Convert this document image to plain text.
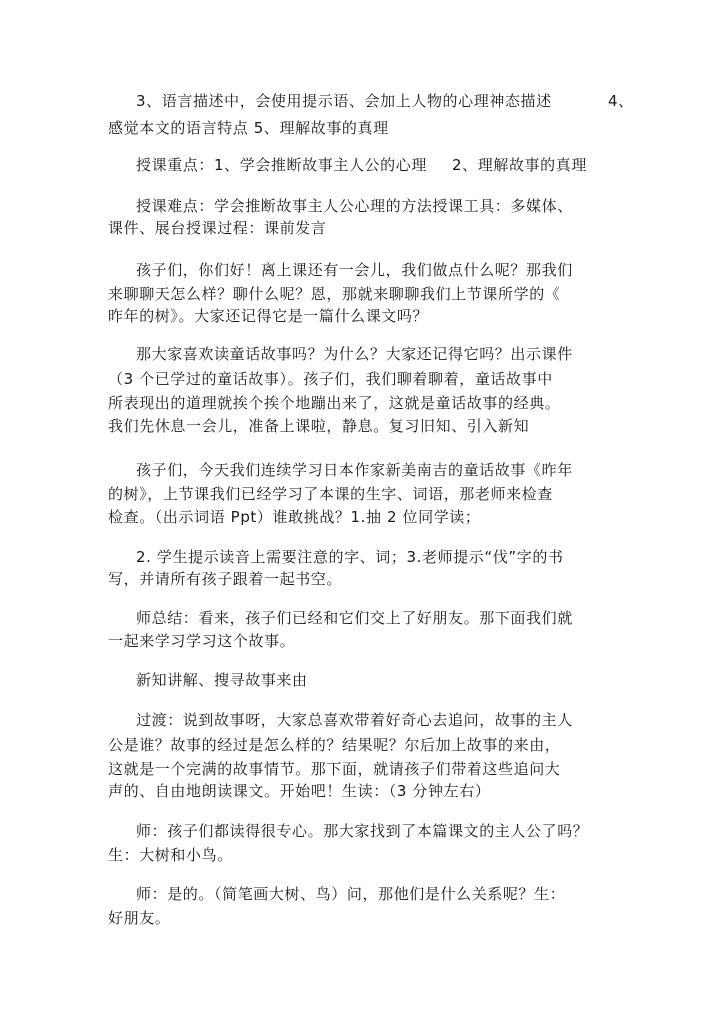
3、语言描述中，会使用提示语、会加上人物的心理神态描述	4、
感觉本文的语言特点 5、理解故事的真理
授课重点：1、学会推断故事主人公的心理 2、理解故事的真理
授课难点：学会推断故事主人公心理的方法授课工具：多媒体、
课件、展台授课过程：课前发言
孩子们，你们好！离上课还有一会儿，我们做点什么呢？那我们
来聊聊天怎么样？聊什么呢？恩，那就来聊聊我们上节课所学的《
昨年的树》。大家还记得它是一篇什么课文吗？
那大家喜欢读童话故事吗？为什么？大家还记得它吗？出示课件
（3 个已学过的童话故事）。孩子们，我们聊着聊着，童话故事中
所表现出的道理就挨个挨个地蹦出来了，这就是童话故事的经典。
我们先休息一会儿，准备上课啦，静息。复习旧知、引入新知
孩子们，今天我们连续学习日本作家新美南吉的童话故事《昨年
的树》，上节课我们已经学习了本课的生字、词语，那老师来检查
检查。（出示词语 Ppt）谁敢挑战？1.抽 2 位同学读；
2. 学生提示读音上需要注意的字、词；3.老师提示“伐”字的书
写，并请所有孩子跟着一起书空。
师总结：看来，孩子们已经和它们交上了好朋友。那下面我们就
一起来学习学习这个故事。
新知讲解、搜寻故事来由
过渡：说到故事呀，大家总喜欢带着好奇心去追问，故事的主人
公是谁？故事的经过是怎么样的？结果呢？尔后加上故事的来由，
这就是一个完满的故事情节。那下面，就请孩子们带着这些追问大
声的、自由地朗读课文。开始吧！生读：（3 分钟左右）
师：孩子们都读得很专心。那大家找到了本篇课文的主人公了吗？
生：大树和小鸟。
师：是的。（简笔画大树、鸟）问，那他们是什么关系呢？生：
好朋友。
